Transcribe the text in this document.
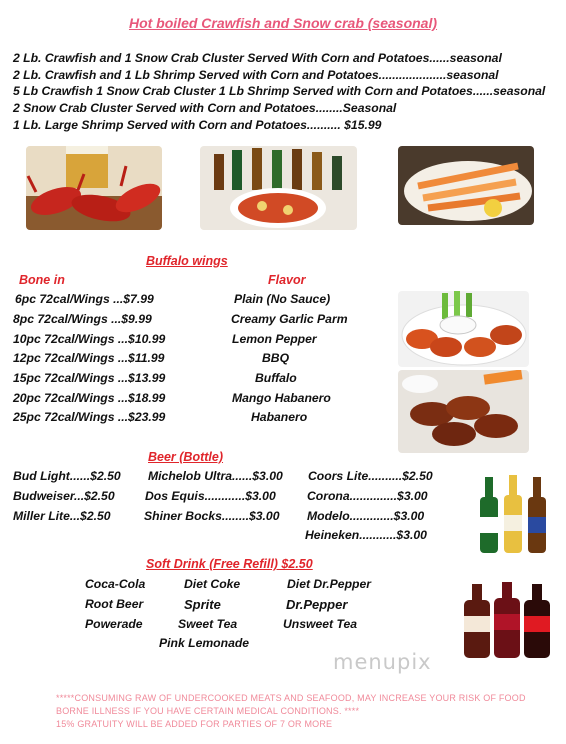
Hot boiled Crawfish and Snow crab (seasonal)
2 Lb. Crawfish and 1 Snow Crab Cluster Served With Corn and Potatoes......seasonal
2 Lb. Crawfish and 1 Lb Shrimp Served with Corn and Potatoes....................seasonal
5 Lb Crawfish 1 Snow Crab Cluster 1 Lb Shrimp Served with Corn and Potatoes......seasonal
2 Snow Crab Cluster Served with Corn and Potatoes........Seasonal
1 Lb. Large Shrimp Served with Corn and Potatoes.......... $15.99
Buffalo wings
Bone in	Flavor
6pc 72cal/Wings ...$7.99
8pc 72cal/Wings ...$9.99
10pc 72cal/Wings ...$10.99
12pc 72cal/Wings ...$11.99
15pc 72cal/Wings ...$13.99
20pc 72cal/Wings ...$18.99
25pc 72cal/Wings ...$23.99
Plain (No Sauce)
Creamy Garlic Parm
Lemon Pepper
BBQ
Buffalo
Mango Habanero
Habanero
Beer (Bottle)
Bud Light......$2.50
Budweiser...$2.50
Miller Lite...$2.50
Michelob Ultra......$3.00
Dos Equis............$3.00
Shiner Bocks........$3.00
Coors Lite..........$2.50
Corona..............$3.00
Modelo.............$3.00
Heineken...........$3.00
Soft Drink (Free Refill) $2.50
Coca-Cola
Root Beer
Powerade
Diet Coke
Sprite
Sweet Tea
Pink Lemonade
Diet Dr.Pepper
Dr.Pepper
Unsweet Tea
menupix
*****CONSUMING RAW OF UNDERCOOKED MEATS AND SEAFOOD, MAY INCREASE YOUR RISK OF FOOD
BORNE ILLNESS IF YOU HAVE CERTAIN MEDICAL CONDITIONS. ****
15% GRATUITY WILL BE ADDED FOR PARTIES OF 7 OR MORE
